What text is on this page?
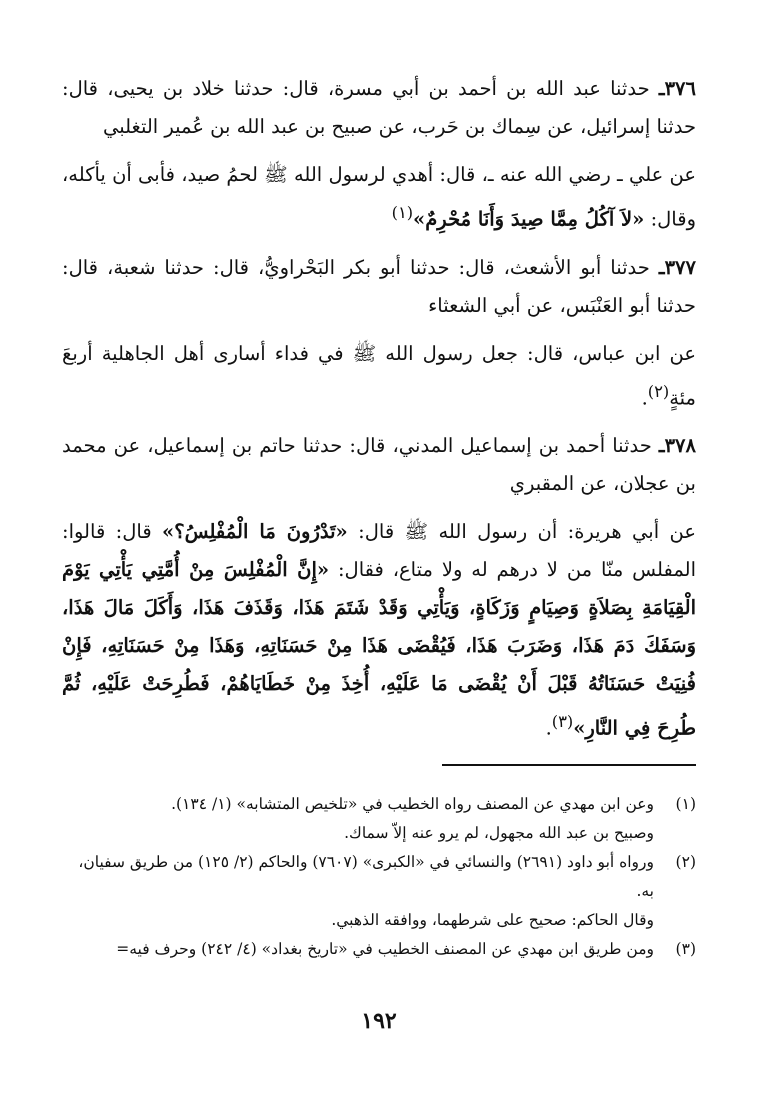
٣٧٦ـ حدثنا عبد الله بن أحمد بن أبي مسرة، قال: حدثنا خلاد بن يحيى، قال: حدثنا إسرائيل، عن سِماك بن حَرب، عن صبيح بن عبد الله بن عُمير التغلبي

عن علي ـ رضي الله عنه ـ، قال: أهدي لرسول الله ﷺ لحمُ صيد، فأبى أن يأكله، وقال: «لاَ آكُلُ مِمَّا صِيدَ وَأَنَا مُحْرِمٌ»$^{(١)}$

٣٧٧ـ حدثنا أبو الأشعث، قال: حدثنا أبو بكر البَحْراويُّ، قال: حدثنا شعبة، قال: حدثنا أبو العَنْبَس، عن أبي الشعثاء

عن ابن عباس، قال: جعل رسول الله ﷺ في فداء أسارى أهل الجاهلية أربعَ مئةٍ$^{(٢)}$.

٣٧٨ـ حدثنا أحمد بن إسماعيل المدني، قال: حدثنا حاتم بن إسماعيل، عن محمد بن عجلان، عن المقبري

عن أبي هريرة: أن رسول الله ﷺ قال: «تَدْرُونَ مَا الْمُفْلِسُ؟» قال: قالوا: المفلس منّا من لا درهم له ولا متاع، فقال: «إِنَّ الْمُفْلِسَ مِنْ أُمَّتِي يَأْتِي يَوْمَ الْقِيَامَةِ بِصَلاَةٍ وَصِيَامٍ وَزَكَاةٍ، وَيَأْتِي وَقَدْ شَتَمَ هَذَا، وَقَذَفَ هَذَا، وَأَكَلَ مَالَ هَذَا، وَسَفَكَ دَمَ هَذَا، وَضَرَبَ هَذَا، فَيُقْضَى هَذَا مِنْ حَسَنَاتِهِ، وَهَذَا مِنْ حَسَنَاتِهِ، فَإِنْ فُنِيَتْ حَسَنَاتُهُ قَبْلَ أَنْ يُقْضَى مَا عَلَيْهِ، أُخِذَ مِنْ خَطَايَاهُمْ، فَطُرِحَتْ عَلَيْهِ، ثُمَّ طُرِحَ فِي النَّارِ»$^{(٣)}$.

(١)
وعن ابن مهدي عن المصنف رواه الخطيب في «تلخيص المتشابه» (١/ ١٣٤).
وصبيح بن عبد الله مجهول، لم يرو عنه إلاّ سماك.
(٢)
ورواه أبو داود (٢٦٩١) والنسائي في «الكبرى» (٧٦٠٧) والحاكم (٢/ ١٢٥) من طريق سفيان، به.
وقال الحاكم: صحيح على شرطهما، ووافقه الذهبي.
(٣)
ومن طريق ابن مهدي عن المصنف الخطيب في «تاريخ بغداد» (٤/ ٢٤٢) وحرف فيه=
١٩٢
